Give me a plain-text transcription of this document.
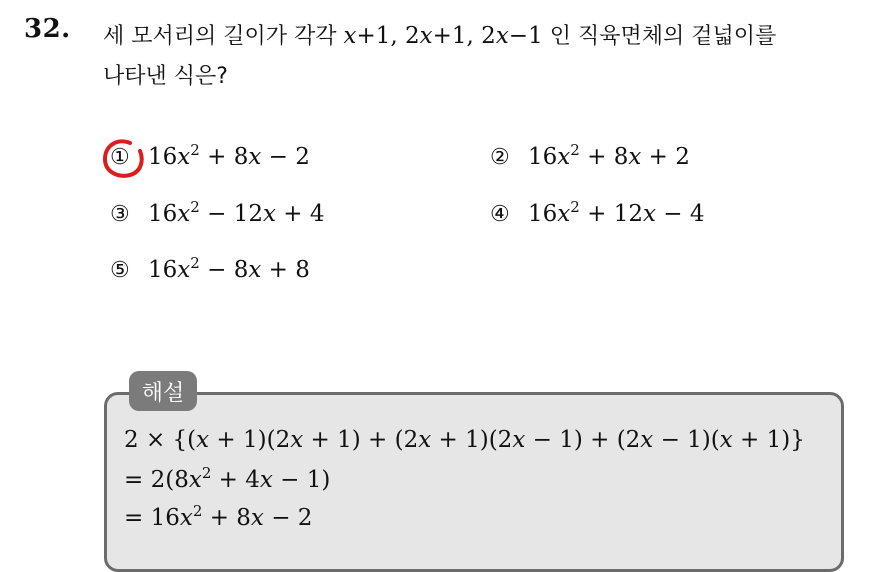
32. 세 모서리의 길이가 각각 x+1, 2x+1, 2x−1 인 직육면체의 겉넓이를
나타낸 식은?
① $16x^2 + 8x - 2$	② $16x^2 + 8x + 2$
③ $16x^2 - 12x + 4$	④ $16x^2 + 12x - 4$
⑤ $16x^2 - 8x + 8$
해설
2 × {(x + 1)(2x + 1) + (2x + 1)(2x − 1) + (2x − 1)(x + 1)}
= $2(8x^2 + 4x - 1)$
= $16x^2 + 8x - 2$
